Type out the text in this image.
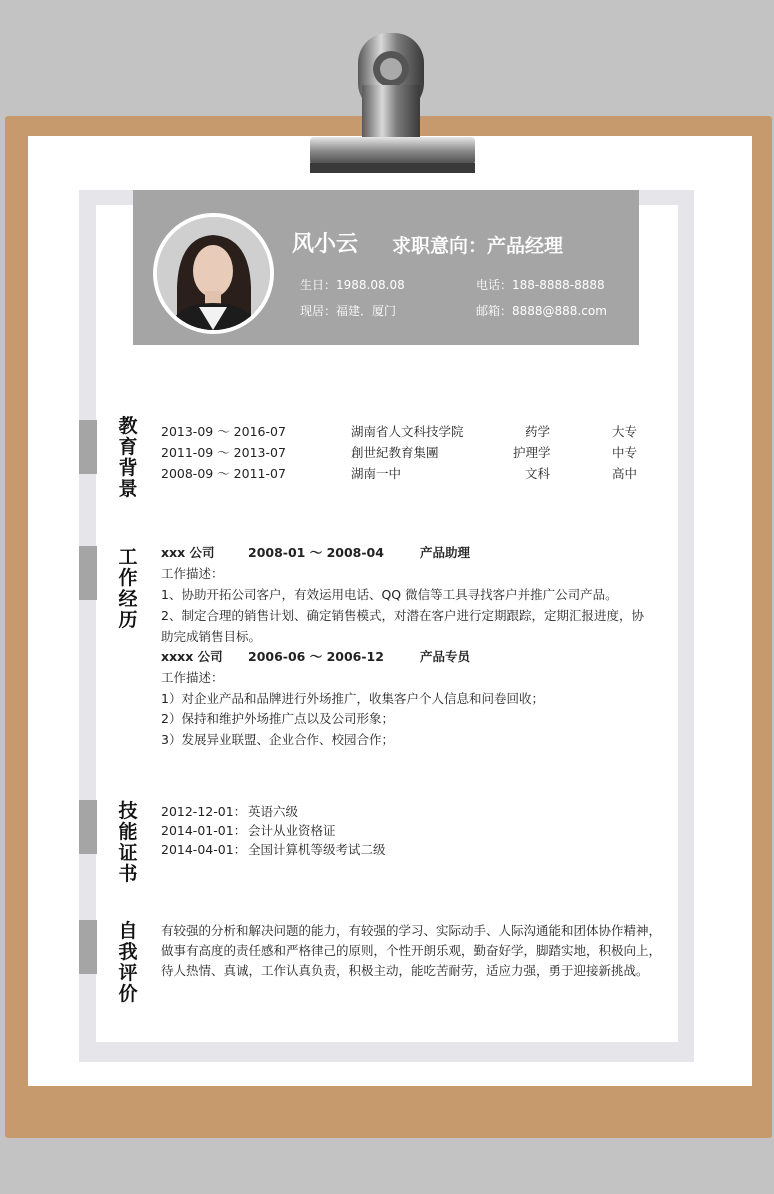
风小云 求职意向：产品经理
生日：1988.08.08	电话：188-8888-8888
现居：福建．厦门	邮箱：8888@888.com
教育背景
2013-09 ～ 2016-07	湖南省人文科技学院	药学	大专
2011-09 ～ 2013-07	創世紀教育集團	护理学	中专
2008-09 ～ 2011-07	湖南一中	文科	高中
工作经历
xxx 公司	2008-01 ～ 2008-04	产品助理
工作描述：
1、协助开拓公司客户，有效运用电话、QQ 微信等工具寻找客户并推广公司产品。
2、制定合理的销售计划、确定销售模式，对潜在客户进行定期跟踪，定期汇报进度，协
助完成销售目标。
xxxx 公司 2006-06 ～ 2006-12	产品专员
工作描述：
1）对企业产品和品牌进行外场推广，收集客户个人信息和问卷回收；
2）保持和维护外场推广点以及公司形象；
3）发展异业联盟、企业合作、校园合作；
技能证书
2012-12-01： 英语六级
2014-01-01： 会计从业资格证
2014-04-01： 全国计算机等级考试二级
自我评价
有较强的分析和解决问题的能力，有较强的学习、实际动手、人际沟通能和团体协作精神，
做事有高度的责任感和严格律己的原则，个性开朗乐观，勤奋好学，脚踏实地，积极向上，
待人热情、真诚，工作认真负责，积极主动，能吃苦耐劳，适应力强，勇于迎接新挑战。
